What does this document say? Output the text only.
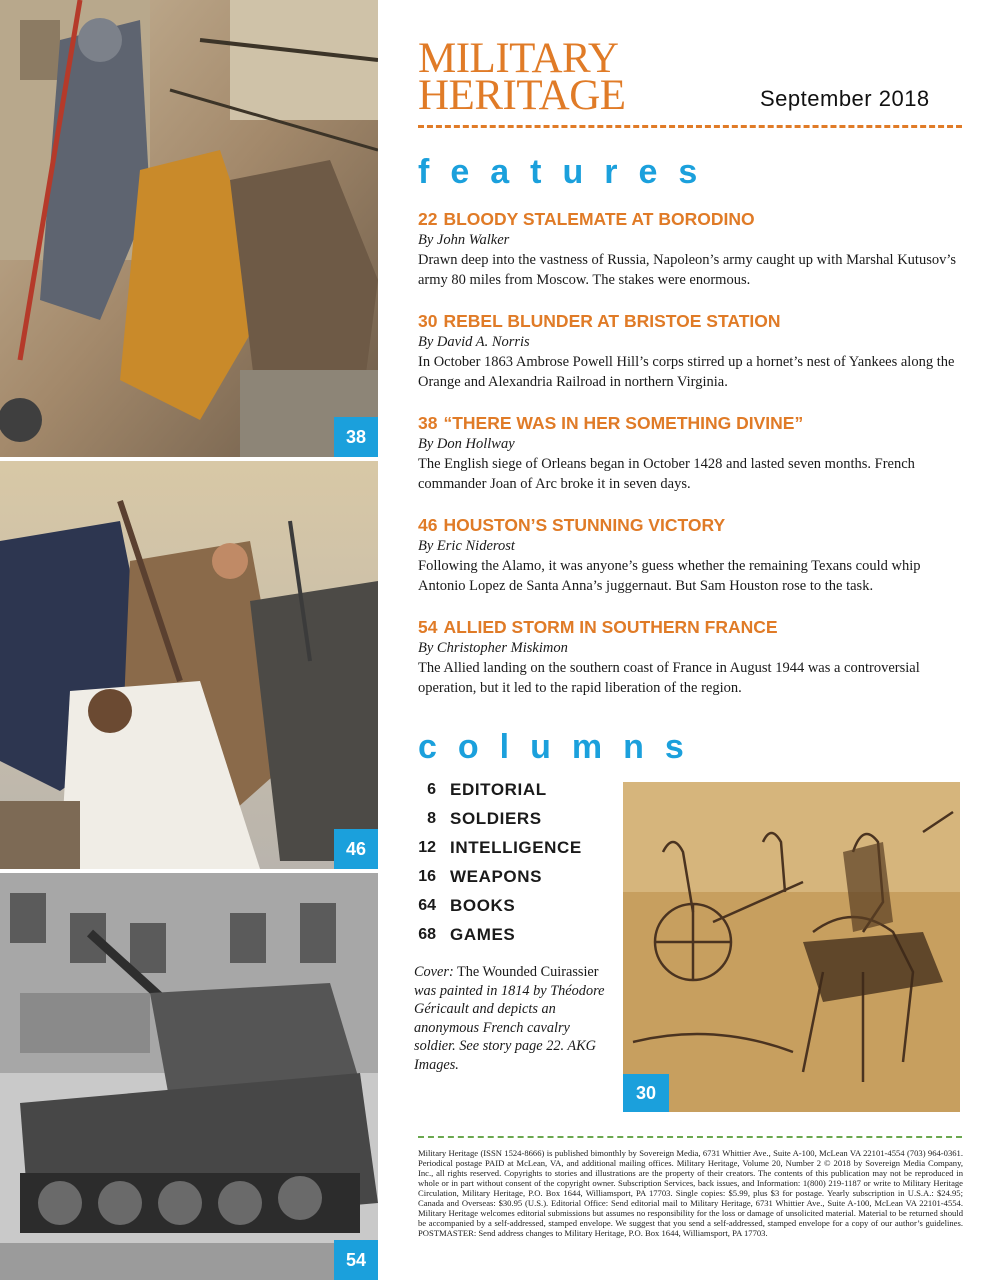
38
46
54
MILITARY
HERITAGE	September 2018
features
22 BLOODY STALEMATE AT BORODINO
By John Walker
Drawn deep into the vastness of Russia, Napoleon’s army caught up with Marshal Kutusov’s army 80 miles from Moscow. The stakes were enormous.
30 REBEL BLUNDER AT BRISTOE STATION
By David A. Norris
In October 1863 Ambrose Powell Hill’s corps stirred up a hornet’s nest of Yankees along the Orange and Alexandria Railroad in northern Virginia.
38 “THERE WAS IN HER SOMETHING DIVINE”
By Don Hollway
The English siege of Orleans began in October 1428 and lasted seven months. French commander Joan of Arc broke it in seven days.
46 HOUSTON’S STUNNING VICTORY
By Eric Niderost
Following the Alamo, it was anyone’s guess whether the remaining Texans could whip Antonio Lopez de Santa Anna’s juggernaut. But Sam Houston rose to the task.
54 ALLIED STORM IN SOUTHERN FRANCE
By Christopher Miskimon
The Allied landing on the southern coast of France in August 1944 was a controversial operation, but it led to the rapid liberation of the region.
columns
6 EDITORIAL
8 SOLDIERS
12 INTELLIGENCE
16 WEAPONS
64 BOOKS
68 GAMES
Cover: The Wounded Cuirassier was painted in 1814 by Théodore Géricault and depicts an anonymous French cavalry soldier. See story page 22. AKG Images.
30
Military Heritage (ISSN 1524-8666) is published bimonthly by Sovereign Media, 6731 Whittier Ave., Suite A-100, McLean VA 22101-4554 (703) 964-0361. Periodical postage PAID at McLean, VA, and additional mailing offices. Military Heritage, Volume 20, Number 2 © 2018 by Sovereign Media Company, Inc., all rights reserved. Copyrights to stories and illustrations are the property of their creators. The contents of this publication may not be reproduced in whole or in part without consent of the copyright owner. Subscription Services, back issues, and Information: 1(800) 219-1187 or write to Military Heritage Circulation, Military Heritage, P.O. Box 1644, Williamsport, PA 17703. Single copies: $5.99, plus $3 for postage. Yearly subscription in U.S.A.: $24.95; Canada and Overseas: $30.95 (U.S.). Editorial Office: Send editorial mail to Military Heritage, 6731 Whittier Ave., Suite A-100, McLean VA 22101-4554. Military Heritage welcomes editorial submissions but assumes no responsibility for the loss or damage of unsolicited material. Material to be returned should be accompanied by a self-addressed, stamped envelope. We suggest that you send a self-addressed, stamped envelope for a copy of our author’s guidelines. POSTMASTER: Send address changes to Military Heritage, P.O. Box 1644, Williamsport, PA 17703.
